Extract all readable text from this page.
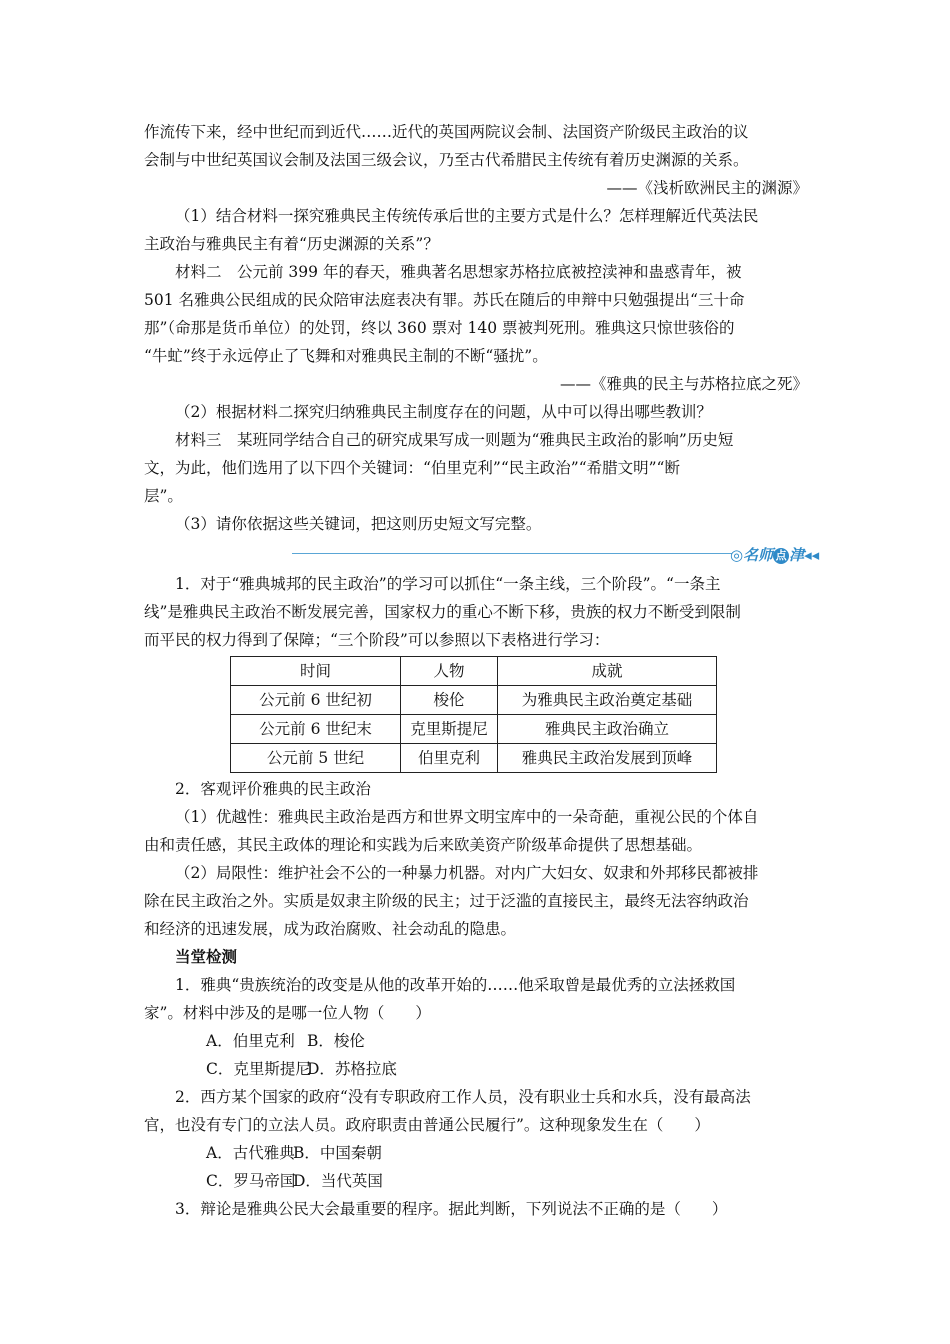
作流传下来，经中世纪而到近代……近代的英国两院议会制、法国资产阶级民主政治的议
会制与中世纪英国议会制及法国三级会议，乃至古代希腊民主传统有着历史渊源的关系。
——《浅析欧洲民主的渊源》
（1）结合材料一探究雅典民主传统传承后世的主要方式是什么？怎样理解近代英法民
主政治与雅典民主有着“历史渊源的关系”？
材料二　公元前 399 年的春天，雅典著名思想家苏格拉底被控渎神和蛊惑青年，被
501 名雅典公民组成的民众陪审法庭表决有罪。苏氏在随后的申辩中只勉强提出“三十命
那”（命那是货币单位）的处罚，终以 360 票对 140 票被判死刑。雅典这只惊世骇俗的
“牛虻”终于永远停止了飞舞和对雅典民主制的不断“骚扰”。
——《雅典的民主与苏格拉底之死》
（2）根据材料二探究归纳雅典民主制度存在的问题，从中可以得出哪些教训？
材料三　某班同学结合自己的研究成果写成一则题为“雅典民主政治的影响”历史短
文，为此，他们选用了以下四个关键词：“伯里克利”“民主政治”“希腊文明”“断
层”。
（3）请你依据这些关键词，把这则历史短文写完整。
◎名师 点 津◂◂
1．对于“雅典城邦的民主政治”的学习可以抓住“一条主线，三个阶段”。“一条主
线”是雅典民主政治不断发展完善，国家权力的重心不断下移，贵族的权力不断受到限制
而平民的权力得到了保障；“三个阶段”可以参照以下表格进行学习：
时间	人物	成就
公元前 6 世纪初	梭伦	为雅典民主政治奠定基础
公元前 6 世纪末	克里斯提尼	雅典民主政治确立
公元前 5 世纪	伯里克利	雅典民主政治发展到顶峰
2．客观评价雅典的民主政治
（1）优越性：雅典民主政治是西方和世界文明宝库中的一朵奇葩，重视公民的个体自
由和责任感，其民主政体的理论和实践为后来欧美资产阶级革命提供了思想基础。
（2）局限性：维护社会不公的一种暴力机器。对内广大妇女、奴隶和外邦移民都被排
除在民主政治之外。实质是奴隶主阶级的民主；过于泛滥的直接民主，最终无法容纳政治
和经济的迅速发展，成为政治腐败、社会动乱的隐患。
当堂检测
1．雅典“贵族统治的改变是从他的改革开始的……他采取曾是最优秀的立法拯救国
家”。材料中涉及的是哪一位人物（　　）
A．伯里克利 B．梭伦
C．克里斯提尼D．苏格拉底
2．西方某个国家的政府“没有专职政府工作人员，没有职业士兵和水兵，没有最高法
官，也没有专门的立法人员。政府职责由普通公民履行”。这种现象发生在（　　）
A．古代雅典B．中国秦朝
C．罗马帝国D．当代英国
3．辩论是雅典公民大会最重要的程序。据此判断，下列说法不正确的是（　　）
